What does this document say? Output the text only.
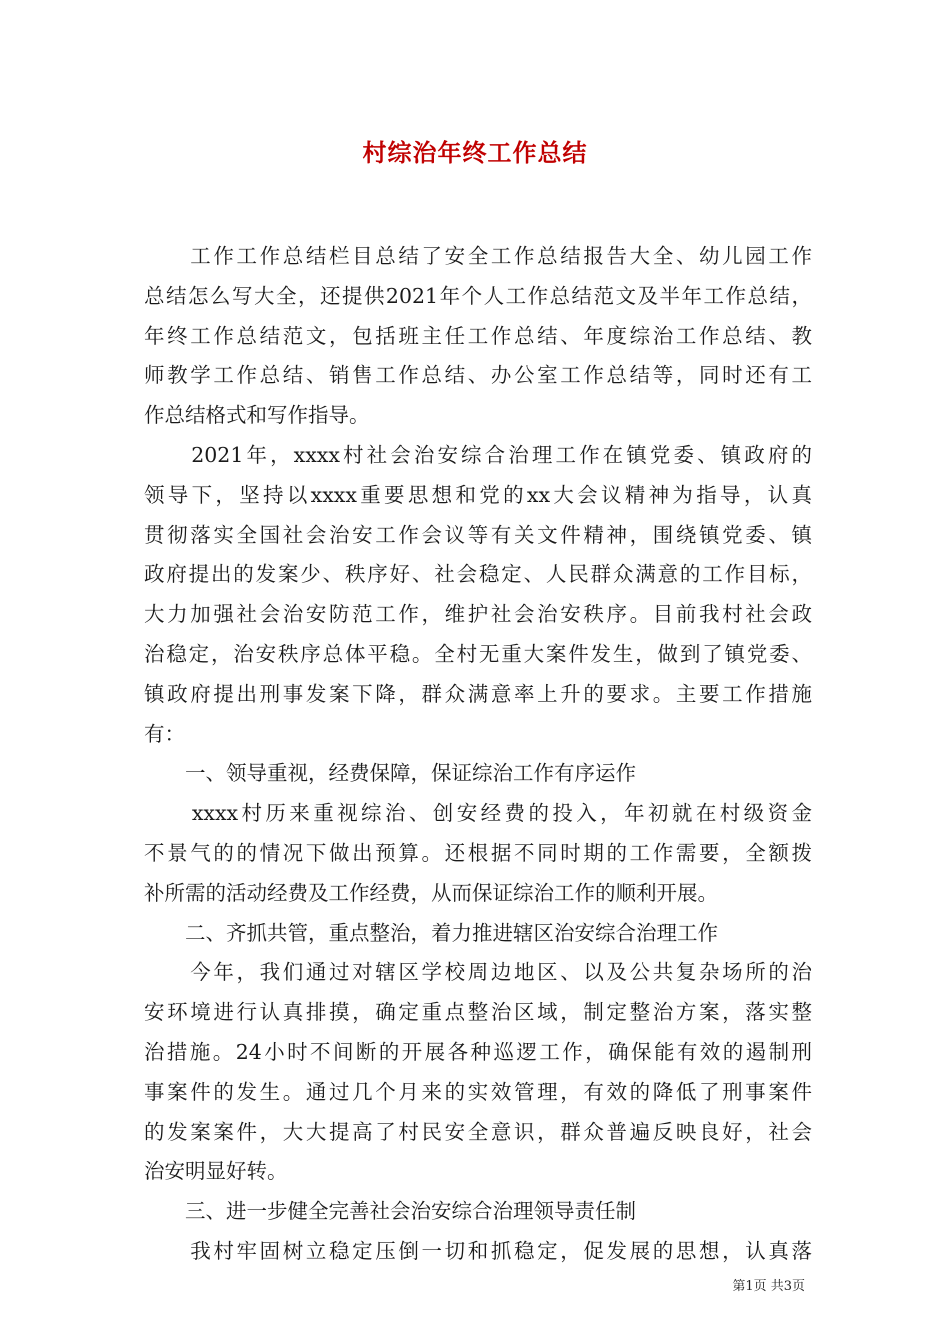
村综治年终工作总结
　　工作工作总结栏目总结了安全工作总结报告大全、幼儿园工作
总结怎么写大全，还提供2021年个人工作总结范文及半年工作总结，
年终工作总结范文，包括班主任工作总结、年度综治工作总结、教
师教学工作总结、销售工作总结、办公室工作总结等，同时还有工
作总结格式和写作指导。
　　2021年，xxxx村社会治安综合治理工作在镇党委、镇政府的
领导下，坚持以xxxx重要思想和党的xx大会议精神为指导，认真
贯彻落实全国社会治安工作会议等有关文件精神，围绕镇党委、镇
政府提出的发案少、秩序好、社会稳定、人民群众满意的工作目标，
大力加强社会治安防范工作，维护社会治安秩序。目前我村社会政
治稳定，治安秩序总体平稳。全村无重大案件发生，做到了镇党委、
镇政府提出刑事发案下降，群众满意率上升的要求。主要工作措施
有：
　　一、领导重视，经费保障，保证综治工作有序运作
　　xxxx村历来重视综治、创安经费的投入，年初就在村级资金
不景气的的情况下做出预算。还根据不同时期的工作需要，全额拨
补所需的活动经费及工作经费，从而保证综治工作的顺利开展。
　　二、齐抓共管，重点整治，着力推进辖区治安综合治理工作
　　今年，我们通过对辖区学校周边地区、以及公共复杂场所的治
安环境进行认真排摸，确定重点整治区域，制定整治方案，落实整
治措施。24小时不间断的开展各种巡逻工作，确保能有效的遏制刑
事案件的发生。通过几个月来的实效管理，有效的降低了刑事案件
的发案案件，大大提高了村民安全意识，群众普遍反映良好，社会
治安明显好转。
　　三、进一步健全完善社会治安综合治理领导责任制
　　我村牢固树立稳定压倒一切和抓稳定，促发展的思想，认真落
第1页 共3页
